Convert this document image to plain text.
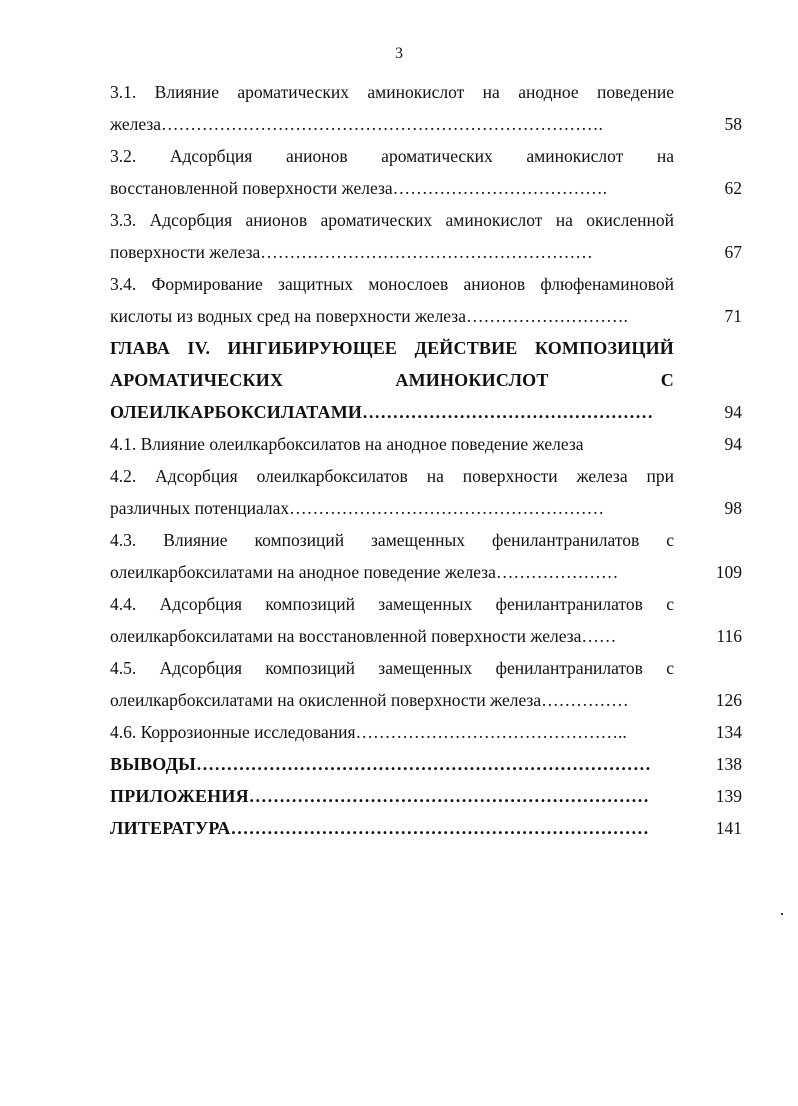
3
3.1. Влияние ароматических аминокислот на анодное поведение
железа………………………………………………………………….	58
3.2. Адсорбция анионов ароматических аминокислот на
восстановленной поверхности железа……………………………….	62
3.3. Адсорбция анионов ароматических аминокислот на окисленной
поверхности железа…………………………………………………	67
3.4. Формирование защитных монослоев анионов флюфенаминовой
кислоты из водных сред на поверхности железа……………………….	71
ГЛАВА IV. ИНГИБИРУЮЩЕЕ ДЕЙСТВИЕ КОМПОЗИЦИЙ
АРОМАТИЧЕСКИХ АМИНОКИСЛОТ С
ОЛЕИЛКАРБОКСИЛАТАМИ…………………………………………	94
4.1. Влияние олеилкарбоксилатов на анодное поведение железа	94
4.2. Адсорбция олеилкарбоксилатов на поверхности железа при
различных потенциалах………………………………………………	98
4.3. Влияние композиций замещенных фенилантранилатов с
олеилкарбоксилатами на анодное поведение железа…………………	109
4.4. Адсорбция композиций замещенных фенилантранилатов с
олеилкарбоксилатами на восстановленной поверхности железа……	116
4.5. Адсорбция композиций замещенных фенилантранилатов с
олеилкарбоксилатами на окисленной поверхности железа……………	126
4.6. Коррозионные исследования………………………………………..	134
ВЫВОДЫ…………………………………………………………………	138
ПРИЛОЖЕНИЯ…………………………………………………………	139
ЛИТЕРАТУРА……………………………………………………………	141
